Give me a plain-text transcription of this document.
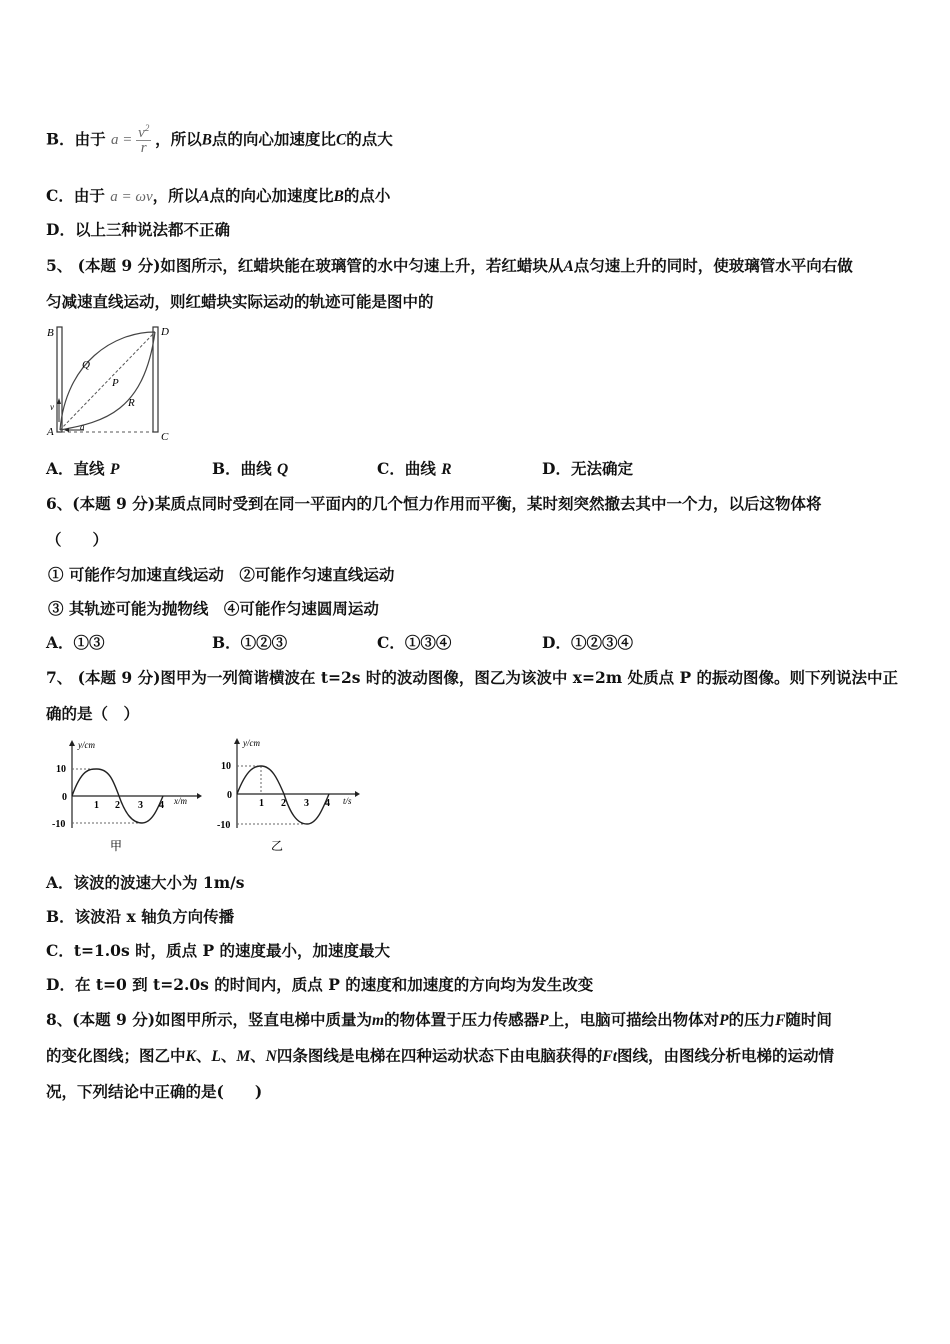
B．由于 $a = \frac{v^2}{r}$ ，所以B点的向心加速度比C的点大
C．由于 a = ωv，所以A点的向心加速度比B的点小
D．以上三种说法都不正确
5、 (本题 9 分)如图所示，红蜡块能在玻璃管的水中匀速上升，若红蜡块从A点匀速上升的同时，使玻璃管水平向右做
匀减速直线运动，则红蜡块实际运动的轨迹可能是图中的
B	D
Q
P
R
v
A	a
C
A．直线 P	B．曲线 Q	C．曲线 R	D．无法确定
6、(本题 9 分)某质点同时受到在同一平面内的几个恒力作用而平衡，某时刻突然撤去其中一个力，以后这物体将
（　　）
① 可能作匀加速直线运动　②可能作匀速直线运动
③ 其轨迹可能为抛物线　④可能作匀速圆周运动
A．①③	B．①②③	C．①③④	D．①②③④
7、 (本题 9 分)图甲为一列简谐横波在 t=2s 时的波动图像，图乙为该波中 x=2m 处质点 P 的振动图像。则下列说法中正
确的是（　）
y/cm
x/m
10
0
-10
1 2 3 4
甲
y/cm
t/s
10
0
-10
1 2 3 4
乙
A．该波的波速大小为 1m/s
B．该波沿 x 轴负方向传播
C．t=1.0s 时，质点 P 的速度最小，加速度最大
D．在 t=0 到 t=2.0s 的时间内，质点 P 的速度和加速度的方向均为发生改变
8、(本题 9 分)如图甲所示，竖直电梯中质量为m的物体置于压力传感器P上，电脑可描绘出物体对P的压力F随时间
的变化图线；图乙中K、L、M、N四条图线是电梯在四种运动状态下由电脑获得的Ft图线，由图线分析电梯的运动情
况，下列结论中正确的是(　　)
